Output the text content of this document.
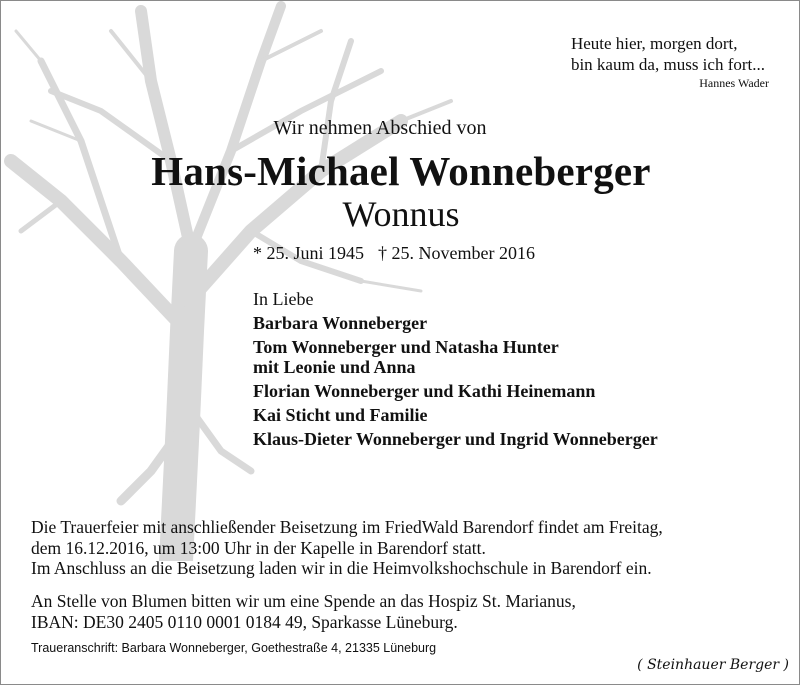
Heute hier, morgen dort,
bin kaum da, muss ich fort...
Hannes Wader
Wir nehmen Abschied von
Hans-Michael Wonneberger
Wonnus
* 25. Juni 1945 † 25. November 2016
In Liebe
Barbara Wonneberger
Tom Wonneberger und Natasha Hunter
mit Leonie und Anna
Florian Wonneberger und Kathi Heinemann
Kai Sticht und Familie
Klaus-Dieter Wonneberger und Ingrid Wonneberger
Die Trauerfeier mit anschließender Beisetzung im FriedWald Barendorf findet am Freitag,
dem 16.12.2016, um 13:00 Uhr in der Kapelle in Barendorf statt.
Im Anschluss an die Beisetzung laden wir in die Heimvolkshochschule in Barendorf ein.
An Stelle von Blumen bitten wir um eine Spende an das Hospiz St. Marianus,
IBAN: DE30 2405 0110 0001 0184 49, Sparkasse Lüneburg.
Traueranschrift: Barbara Wonneberger, Goethestraße 4, 21335 Lüneburg
( Steinhauer Berger )
